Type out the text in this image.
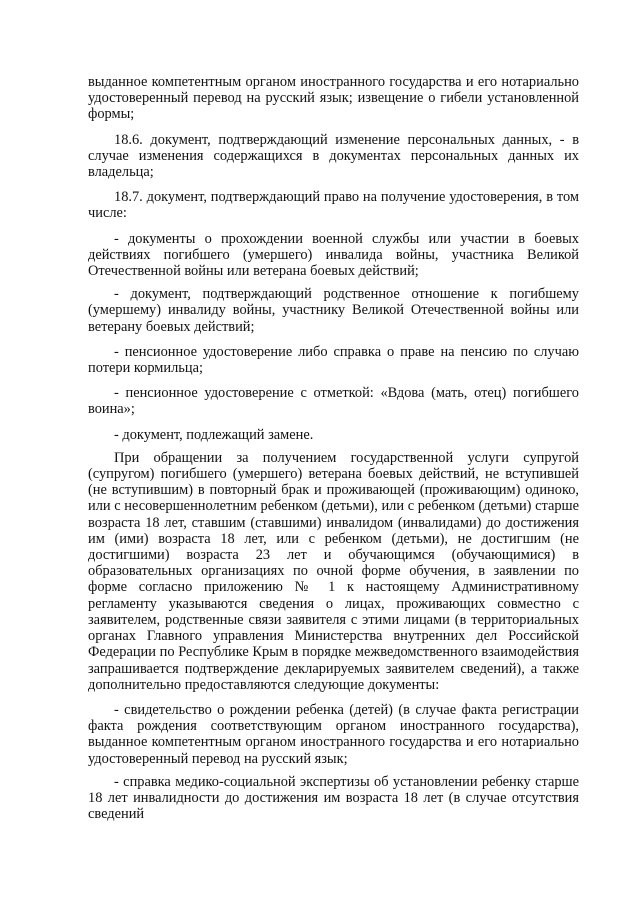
выданное компетентным органом иностранного государства и его нотариально удостоверенный перевод на русский язык; извещение о гибели установленной формы;

18.6. документ, подтверждающий изменение персональных данных, - в случае изменения содержащихся в документах персональных данных их владельца;

18.7. документ, подтверждающий право на получение удостоверения, в том числе:

- документы о прохождении военной службы или участии в боевых действиях погибшего (умершего) инвалида войны, участника Великой Отечественной войны или ветерана боевых действий;

- документ, подтверждающий родственное отношение к погибшему (умершему) инвалиду войны, участнику Великой Отечественной войны или ветерану боевых действий;

- пенсионное удостоверение либо справка о праве на пенсию по случаю потери кормильца;

- пенсионное удостоверение с отметкой: «Вдова (мать, отец) погибшего воина»;

- документ, подлежащий замене.

При обращении за получением государственной услуги супругой (супругом) погибшего (умершего) ветерана боевых действий, не вступившей (не вступившим) в повторный брак и проживающей (проживающим) одиноко, или с несовершеннолетним ребенком (детьми), или с ребенком (детьми) старше возраста 18 лет, ставшим (ставшими) инвалидом (инвалидами) до достижения им (ими) возраста 18 лет, или с ребенком (детьми), не достигшим (не достигшими) возраста 23 лет и обучающимся (обучающимися) в образовательных организациях по очной форме обучения, в заявлении по форме согласно приложению № 1 к настоящему Административному регламенту указываются сведения о лицах, проживающих совместно с заявителем, родственные связи заявителя с этими лицами (в территориальных органах Главного управления Министерства внутренних дел Российской Федерации по Республике Крым в порядке межведомственного взаимодействия запрашивается подтверждение декларируемых заявителем сведений), а также дополнительно предоставляются следующие документы:

- свидетельство о рождении ребенка (детей) (в случае факта регистрации факта рождения соответствующим органом иностранного государства), выданное компетентным органом иностранного государства и его нотариально удостоверенный перевод на русский язык;

- справка медико-социальной экспертизы об установлении ребенку старше 18 лет инвалидности до достижения им возраста 18 лет (в случае отсутствия сведений
